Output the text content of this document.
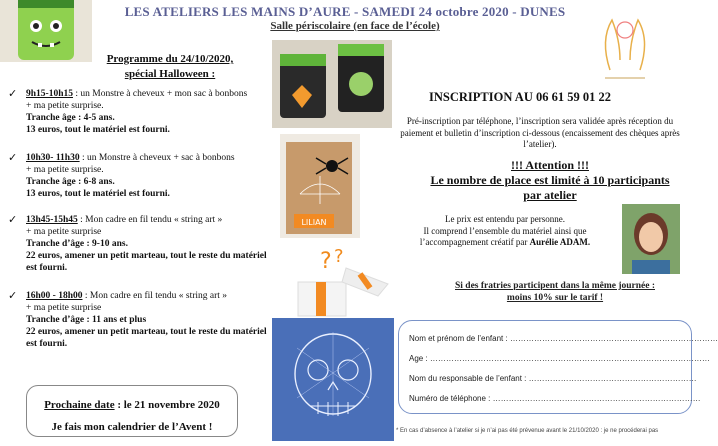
LES ATELIERS LES MAINS D’AURE - SAMEDI 24 octobre 2020 - DUNES
Salle périscolaire (en face de l’école)
Programme du 24/10/2020,
spécial Halloween :
✓ 9h15-10h15 : un Monstre à cheveux + mon sac à bonbons

+ ma petite surprise.

Tranche âge : 4-5 ans.

13 euros, tout le matériel est fourni.

✓ 10h30- 11h30 : un Monstre à cheveux + sac à bonbons

+ ma petite surprise.

Tranche âge : 6-8 ans.

13 euros, tout le matériel est fourni.

✓ 13h45-15h45 : Mon cadre en fil tendu « string art »

+ ma petite surprise

Tranche d’âge : 9-10 ans.

22 euros, amener un petit marteau, tout le reste du matériel est fourni.

✓ 16h00 - 18h00 : Mon cadre en fil tendu « string art »

+ ma petite surprise

Tranche d’âge : 11 ans et plus

22 euros, amener un petit marteau, tout le reste du matériel est fourni.

Prochaine date : le 21 novembre 2020
Je fais mon calendrier de l’Avent !
LILIAN
? ?
INSCRIPTION AU 06 61 59 01 22
Pré-inscription par téléphone, l’inscription sera validée après réception du paiement et bulletin d’inscription ci-dessous (encaissement des chèques après l’atelier).
!!! Attention !!!
Le nombre de place est limité à 10 participants
par atelier
Le prix est entendu par personne.
Il comprend l’ensemble du matériel ainsi que
l’accompagnement créatif par Aurélie ADAM.
Si des fratries participent dans la même journée :
moins 10% sur le tarif !
Nom et prénom de l’enfant : ……………………………………………………………………
Age : ……………………………………………………………………………………………
Nom du responsable de l’enfant : ………………………………………………………
Numéro de téléphone : ……………………………………………………………………
* En cas d’absence à l’atelier si je n’ai pas été prévenue avant le 21/10/2020 : je ne procéderai pas
